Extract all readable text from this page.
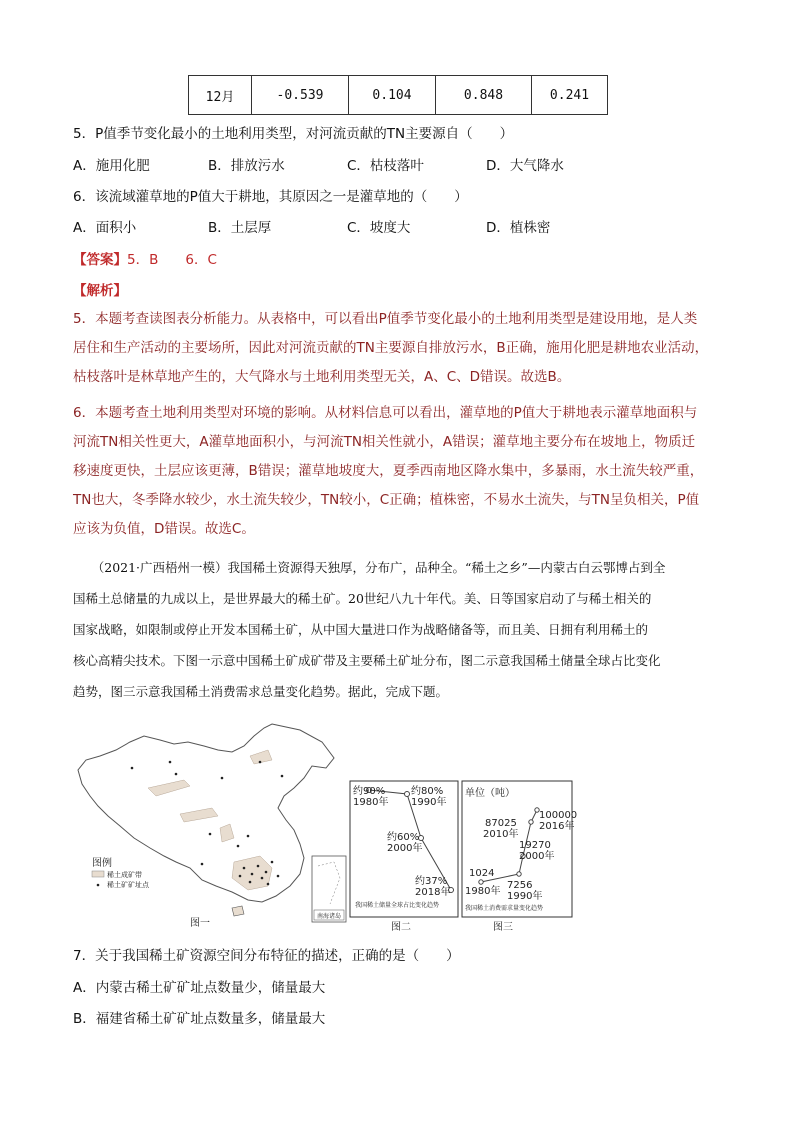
12月	-0.539	0.104	0.848	0.241
5．P值季节变化最小的土地利用类型，对河流贡献的TN主要源自（　　）
A．施用化肥	B．排放污水	C．枯枝落叶	D．大气降水
6．该流域灌草地的P值大于耕地，其原因之一是灌草地的（　　）
A．面积小	B．土层厚	C．坡度大	D．植株密
【答案】5．B　　6．C
【解析】
5．本题考查读图表分析能力。从表格中，可以看出P值季节变化最小的土地利用类型是建设用地，是人类
居住和生产活动的主要场所，因此对河流贡献的TN主要源自排放污水，B正确，施用化肥是耕地农业活动，
枯枝落叶是林草地产生的，大气降水与土地利用类型无关，A、C、D错误。故选B。
6．本题考查土地利用类型对环境的影响。从材料信息可以看出，灌草地的P值大于耕地表示灌草地面积与
河流TN相关性更大，A灌草地面积小，与河流TN相关性就小，A错误；灌草地主要分布在坡地上，物质迁
移速度更快，土层应该更薄，B错误；灌草地坡度大，夏季西南地区降水集中，多暴雨，水土流失较严重，
TN也大，冬季降水较少，水土流失较少，TN较小，C正确；植株密，不易水土流失，与TN呈负相关，P值
应该为负值，D错误。故选C。
　　（2021·广西梧州一模）我国稀土资源得天独厚，分布广，品种全。“稀土之乡”—内蒙古白云鄂博占到全
国稀土总储量的九成以上，是世界最大的稀土矿。20世纪八九十年代。美、日等国家启动了与稀土相关的
国家战略，如限制或停止开发本国稀土矿，从中国大量进口作为战略储备等，而且美、日拥有利用稀土的
核心高精尖技术。下图一示意中国稀土矿成矿带及主要稀土矿址分布，图二示意我国稀土储量全球占比变化
趋势，图三示意我国稀土消费需求总量变化趋势。据此，完成下题。
图例
稀土成矿带
稀土矿矿址点
南海诸岛
图一
约90%
1980年
约80%
1990年
约60%
2000年
约37%
2018年
我国稀土储量全球占比变化趋势
图二
单位（吨）
100000
2016年
87025
2010年
19270
2000年
1024
1980年
7256
1990年
我国稀土消费需求量变化趋势
图三
7．关于我国稀土矿资源空间分布特征的描述，正确的是（　　）
A．内蒙古稀土矿矿址点数量少，储量最大
B．福建省稀土矿矿址点数量多，储量最大
